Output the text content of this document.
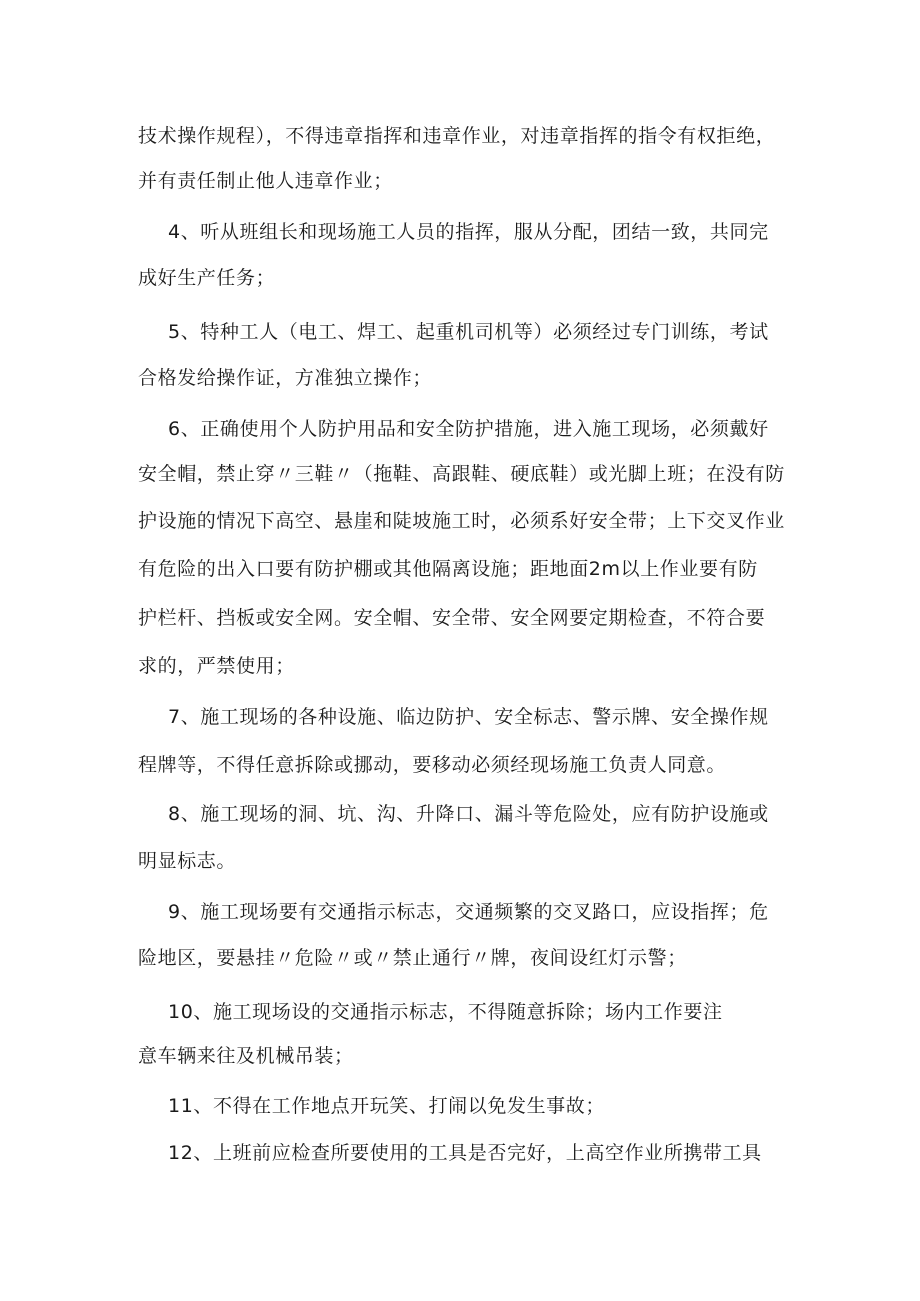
技术操作规程），不得违章指挥和违章作业，对违章指挥的指令有权拒绝，
并有责任制止他人违章作业；
4、听从班组长和现场施工人员的指挥，服从分配，团结一致，共同完
成好生产任务；
5、特种工人（电工、焊工、起重机司机等）必须经过专门训练，考试
合格发给操作证，方准独立操作；
6、正确使用个人防护用品和安全防护措施，进入施工现场，必须戴好
安全帽，禁止穿〃三鞋〃（拖鞋、高跟鞋、硬底鞋）或光脚上班；在没有防
护设施的情况下高空、悬崖和陡坡施工时，必须系好安全带；上下交叉作业
有危险的出入口要有防护棚或其他隔离设施；距地面2m以上作业要有防
护栏杆、挡板或安全网。安全帽、安全带、安全网要定期检查，不符合要
求的，严禁使用；
7、施工现场的各种设施、临边防护、安全标志、警示牌、安全操作规
程牌等，不得任意拆除或挪动，要移动必须经现场施工负责人同意。
8、施工现场的洞、坑、沟、升降口、漏斗等危险处，应有防护设施或
明显标志。
9、施工现场要有交通指示标志，交通频繁的交叉路口，应设指挥；危
险地区，要悬挂〃危险〃或〃禁止通行〃牌，夜间设红灯示警；
10、施工现场设的交通指示标志，不得随意拆除；场内工作要注
意车辆来往及机械吊装；
11、不得在工作地点开玩笑、打闹以免发生事故；
12、上班前应检查所要使用的工具是否完好，上高空作业所携带工具
